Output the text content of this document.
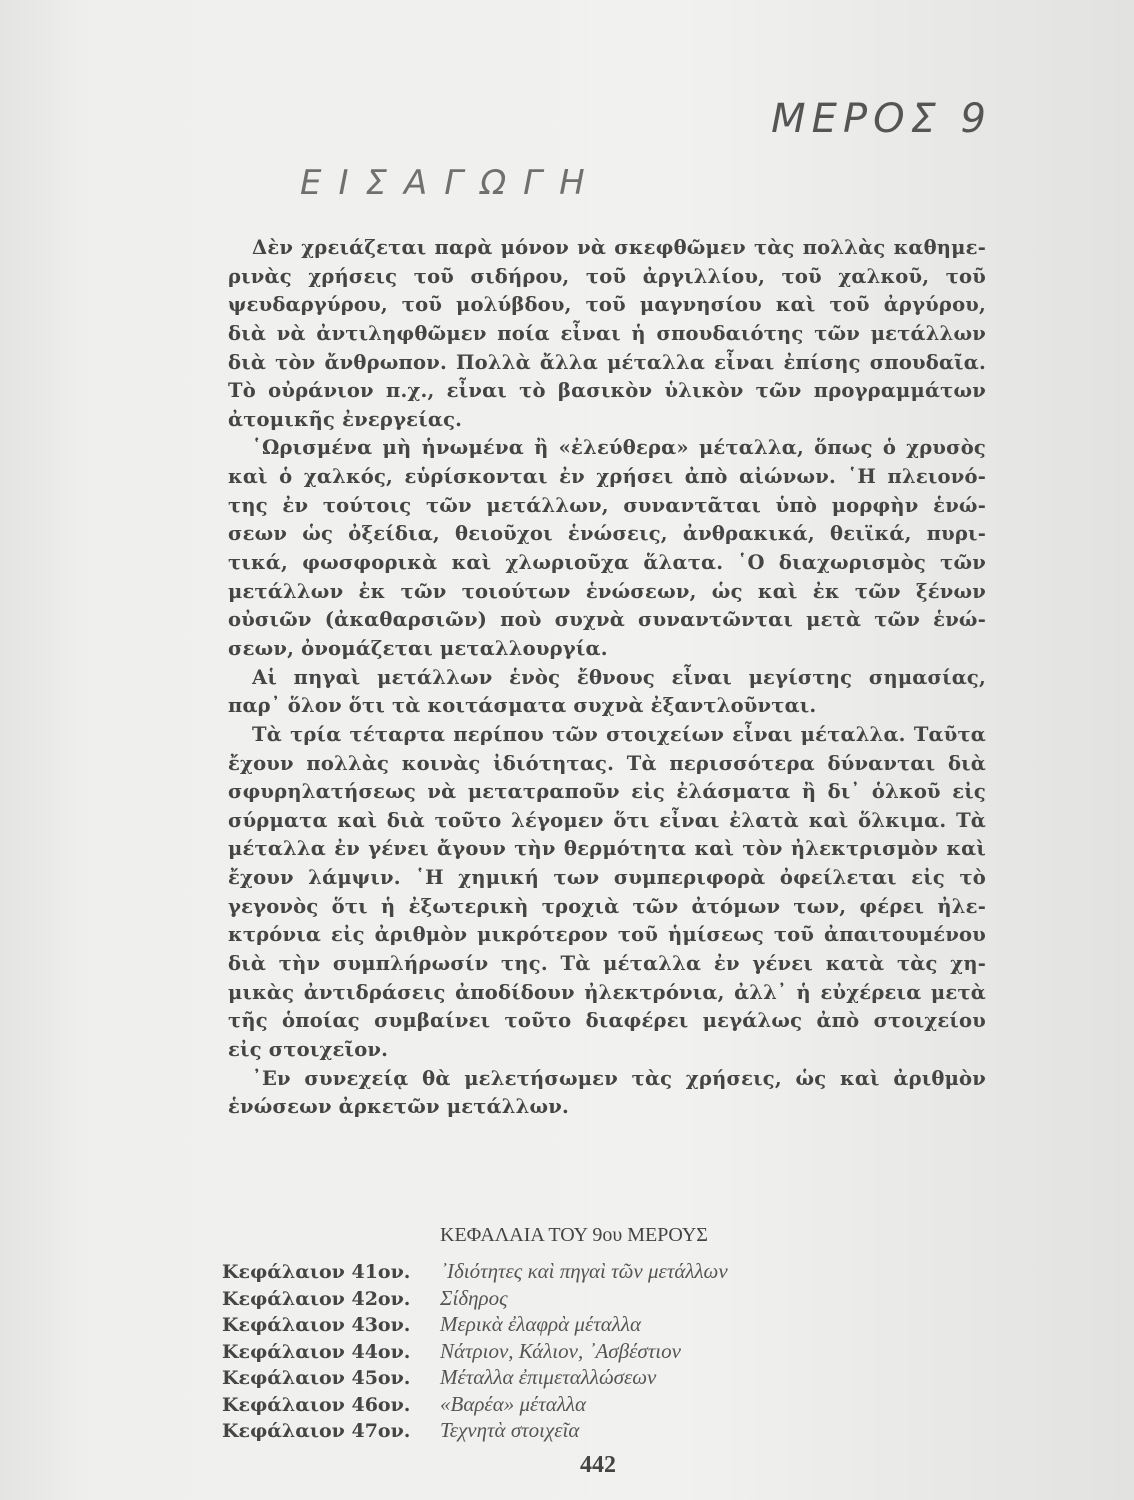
ΜΕΡΟΣ 9
ΕΙΣΑΓΩΓΗ
Δὲν χρειάζεται παρὰ μόνον νὰ σκεφθῶμεν τὰς πολλὰς καθημε-
ρινὰς χρήσεις τοῦ σιδήρου, τοῦ ἀργιλλίου, τοῦ χαλκοῦ, τοῦ
ψευδαργύρου, τοῦ μολύβδου, τοῦ μαγνησίου καὶ τοῦ ἀργύρου,
διὰ νὰ ἀντιληφθῶμεν ποία εἶναι ἡ σπουδαιότης τῶν μετάλλων
διὰ τὸν ἄνθρωπον. Πολλὰ ἄλλα μέταλλα εἶναι ἐπίσης σπουδαῖα.
Τὸ οὐράνιον π.χ., εἶναι τὸ βασικὸν ὑλικὸν τῶν προγραμμάτων
ἀτομικῆς ἐνεργείας.
῾Ωρισμένα μὴ ἡνωμένα ἢ «ἐλεύθερα» μέταλλα, ὅπως ὁ χρυσὸς
καὶ ὁ χαλκός, εὑρίσκονται ἐν χρήσει ἀπὸ αἰώνων. ῾Η πλειονό-
της ἐν τούτοις τῶν μετάλλων, συναντᾶται ὑπὸ μορφὴν ἑνώ-
σεων ὡς ὀξείδια, θειοῦχοι ἑνώσεις, ἀνθρακικά, θειϊκά, πυρι-
τικά, φωσφορικὰ καὶ χλωριοῦχα ἅλατα. ῾Ο διαχωρισμὸς τῶν
μετάλλων ἐκ τῶν τοιούτων ἑνώσεων, ὡς καὶ ἐκ τῶν ξένων
οὐσιῶν (ἀκαθαρσιῶν) ποὺ συχνὰ συναντῶνται μετὰ τῶν ἑνώ-
σεων, ὀνομάζεται μεταλλουργία.
Αἱ πηγαὶ μετάλλων ἑνὸς ἔθνους εἶναι μεγίστης σημασίας,
παρ᾽ ὅλον ὅτι τὰ κοιτάσματα συχνὰ ἐξαντλοῦνται.
Τὰ τρία τέταρτα περίπου τῶν στοιχείων εἶναι μέταλλα. Ταῦτα
ἔχουν πολλὰς κοινὰς ἰδιότητας. Τὰ περισσότερα δύνανται διὰ
σφυρηλατήσεως νὰ μετατραποῦν εἰς ἐλάσματα ἢ δι᾽ ὁλκοῦ εἰς
σύρματα καὶ διὰ τοῦτο λέγομεν ὅτι εἶναι ἐλατὰ καὶ ὅλκιμα. Τὰ
μέταλλα ἐν γένει ἄγουν τὴν θερμότητα καὶ τὸν ἠλεκτρισμὸν καὶ
ἔχουν λάμψιν. ῾Η χημική των συμπεριφορὰ ὀφείλεται εἰς τὸ
γεγονὸς ὅτι ἡ ἐξωτερικὴ τροχιὰ τῶν ἀτόμων των, φέρει ἠλε-
κτρόνια εἰς ἀριθμὸν μικρότερον τοῦ ἡμίσεως τοῦ ἀπαιτουμένου
διὰ τὴν συμπλήρωσίν της. Τὰ μέταλλα ἐν γένει κατὰ τὰς χη-
μικὰς ἀντιδράσεις ἀποδίδουν ἠλεκτρόνια, ἀλλ᾽ ἡ εὐχέρεια μετὰ
τῆς ὁποίας συμβαίνει τοῦτο διαφέρει μεγάλως ἀπὸ στοιχείου
εἰς στοιχεῖον.
᾽Εν συνεχείᾳ θὰ μελετήσωμεν τὰς χρήσεις, ὡς καὶ ἀριθμὸν
ἑνώσεων ἀρκετῶν μετάλλων.
ΚΕΦΑΛΑΙΑ ΤΟΥ 9ου ΜΕΡΟΥΣ
Κεφάλαιον 41ον. ᾽Ιδιότητες καὶ πηγαὶ τῶν μετάλλων
Κεφάλαιον 42ον. Σίδηρος
Κεφάλαιον 43ον. Μερικὰ ἐλαφρὰ μέταλλα
Κεφάλαιον 44ον. Νάτριον, Κάλιον, ᾽Ασβέστιον
Κεφάλαιον 45ον. Μέταλλα ἐπιμεταλλώσεων
Κεφάλαιον 46ον. «Βαρέα» μέταλλα
Κεφάλαιον 47ον. Τεχνητὰ στοιχεῖα
442
